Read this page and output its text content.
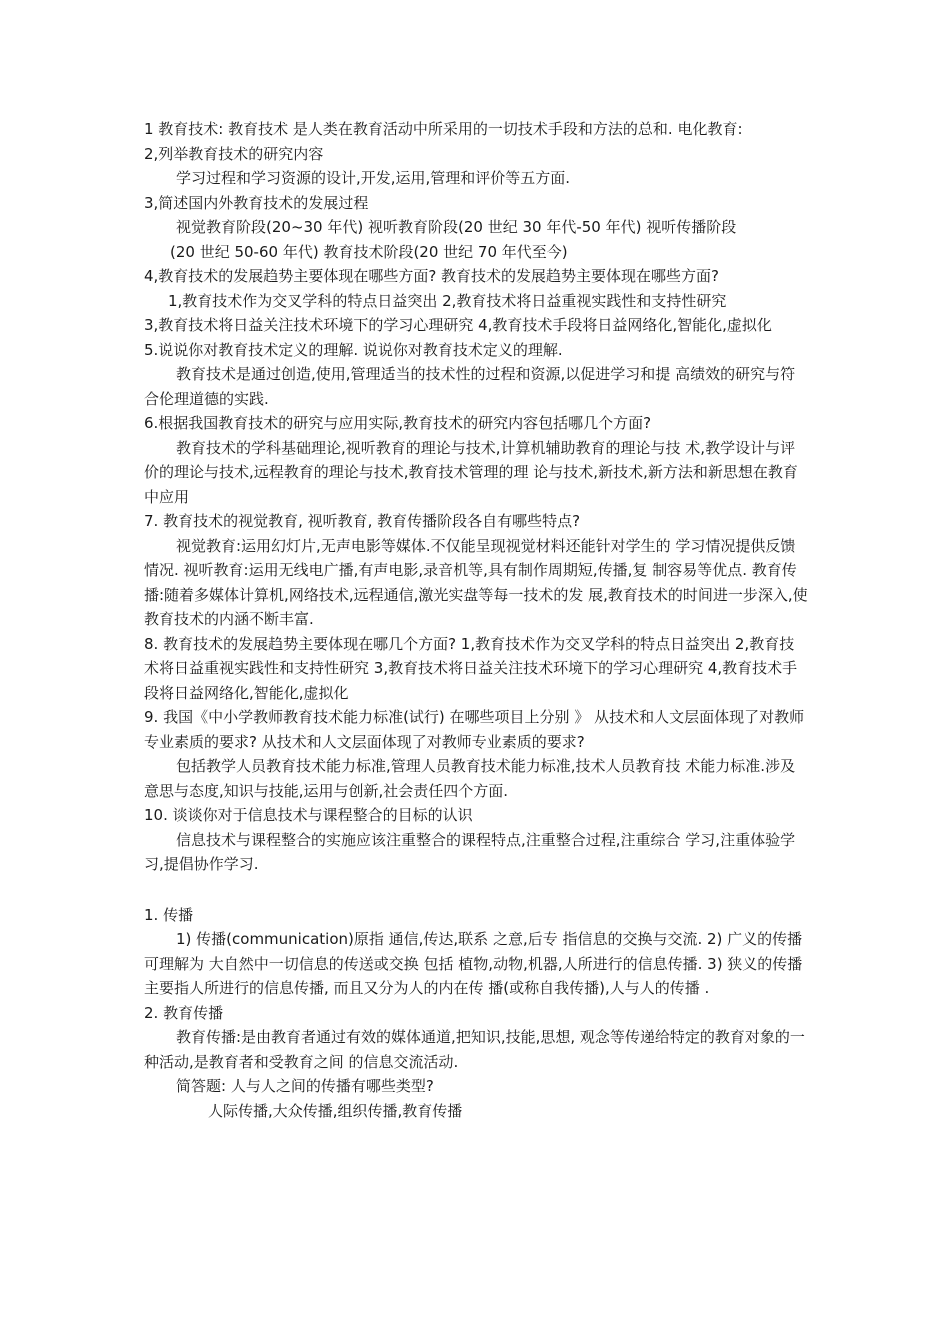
1 教育技术: 教育技术 是人类在教育活动中所采用的一切技术手段和方法的总和. 电化教育:

2,列举教育技术的研究内容

学习过程和学习资源的设计,开发,运用,管理和评价等五方面.

3,简述国内外教育技术的发展过程

视觉教育阶段(20~30 年代) 视听教育阶段(20 世纪 30 年代-50 年代) 视听传播阶段

(20 世纪 50-60 年代) 教育技术阶段(20 世纪 70 年代至今)

4,教育技术的发展趋势主要体现在哪些方面? 教育技术的发展趋势主要体现在哪些方面?

1,教育技术作为交叉学科的特点日益突出 2,教育技术将日益重视实践性和支持性研究

3,教育技术将日益关注技术环境下的学习心理研究 4,教育技术手段将日益网络化,智能化,虚拟化

5.说说你对教育技术定义的理解. 说说你对教育技术定义的理解.

教育技术是通过创造,使用,管理适当的技术性的过程和资源,以促进学习和提 高绩效的研究与符合伦理道德的实践.

6.根据我国教育技术的研究与应用实际,教育技术的研究内容包括哪几个方面?

教育技术的学科基础理论,视听教育的理论与技术,计算机辅助教育的理论与技 术,教学设计与评价的理论与技术,远程教育的理论与技术,教育技术管理的理 论与技术,新技术,新方法和新思想在教育中应用

7. 教育技术的视觉教育, 视听教育, 教育传播阶段各自有哪些特点?

视觉教育:运用幻灯片,无声电影等媒体.不仅能呈现视觉材料还能针对学生的 学习情况提供反馈情况. 视听教育:运用无线电广播,有声电影,录音机等,具有制作周期短,传播,复 制容易等优点. 教育传播:随着多媒体计算机,网络技术,远程通信,激光实盘等每一技术的发 展,教育技术的时间进一步深入,使教育技术的内涵不断丰富.

8. 教育技术的发展趋势主要体现在哪几个方面? 1,教育技术作为交叉学科的特点日益突出 2,教育技术将日益重视实践性和支持性研究 3,教育技术将日益关注技术环境下的学习心理研究 4,教育技术手段将日益网络化,智能化,虚拟化

9. 我国《中小学教师教育技术能力标准(试行) 在哪些项目上分别 》 从技术和人文层面体现了对教师专业素质的要求? 从技术和人文层面体现了对教师专业素质的要求?

包括教学人员教育技术能力标准,管理人员教育技术能力标准,技术人员教育技 术能力标准.涉及意思与态度,知识与技能,运用与创新,社会责任四个方面.

10. 谈谈你对于信息技术与课程整合的目标的认识

信息技术与课程整合的实施应该注重整合的课程特点,注重整合过程,注重综合 学习,注重体验学习,提倡协作学习.

1. 传播

1) 传播(communication)原指 通信,传达,联系 之意,后专 指信息的交换与交流. 2) 广义的传播可理解为 大自然中一切信息的传送或交换 包括 植物,动物,机器,人所进行的信息传播. 3) 狭义的传播主要指人所进行的信息传播, 而且又分为人的内在传 播(或称自我传播),人与人的传播 .

2. 教育传播

教育传播:是由教育者通过有效的媒体通道,把知识,技能,思想, 观念等传递给特定的教育对象的一种活动,是教育者和受教育之间 的信息交流活动.

简答题: 人与人之间的传播有哪些类型?

人际传播,大众传播,组织传播,教育传播
